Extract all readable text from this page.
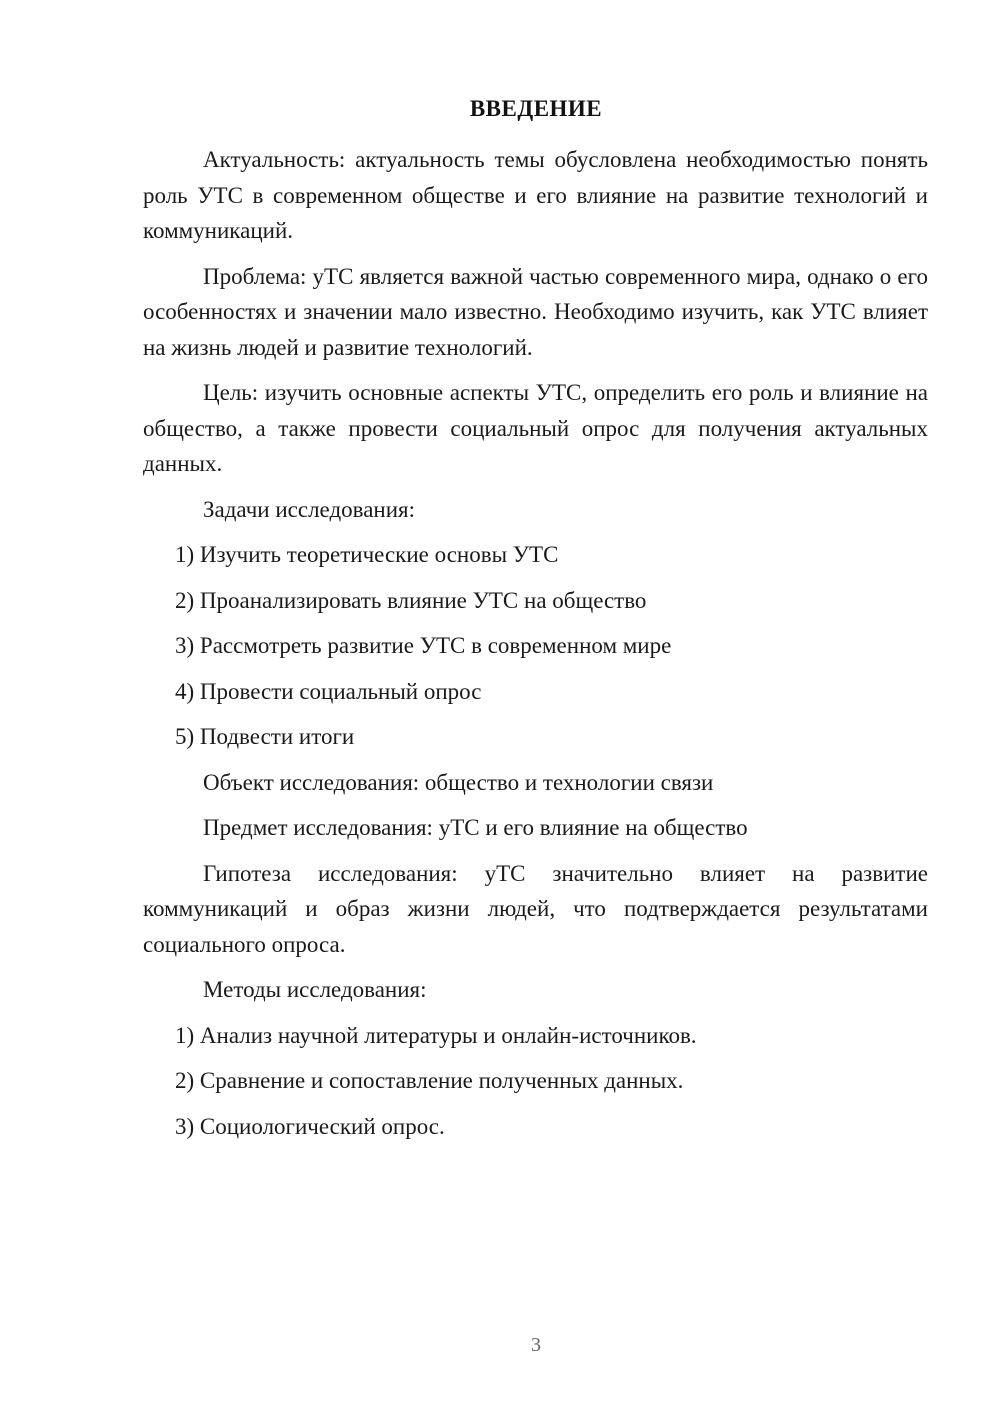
ВВЕДЕНИЕ

Актуальность: актуальность темы обусловлена необходимостью понять роль УТС в современном обществе и его влияние на развитие технологий и коммуникаций.

Проблема: уТС является важной частью современного мира, однако о его особенностях и значении мало известно. Необходимо изучить, как УТС влияет на жизнь людей и развитие технологий.

Цель: изучить основные аспекты УТС, определить его роль и влияние на общество, а также провести социальный опрос для получения актуальных данных.

Задачи исследования:

1) Изучить теоретические основы УТС

2) Проанализировать влияние УТС на общество

3) Рассмотреть развитие УТС в современном мире

4) Провести социальный опрос

5) Подвести итоги

Объект исследования: общество и технологии связи

Предмет исследования: уТС и его влияние на общество

Гипотеза исследования: уТС значительно влияет на развитие коммуникаций и образ жизни людей, что подтверждается результатами социального опроса.

Методы исследования:

1) Анализ научной литературы и онлайн-источников.

2) Сравнение и сопоставление полученных данных.

3) Социологический опрос.

3
